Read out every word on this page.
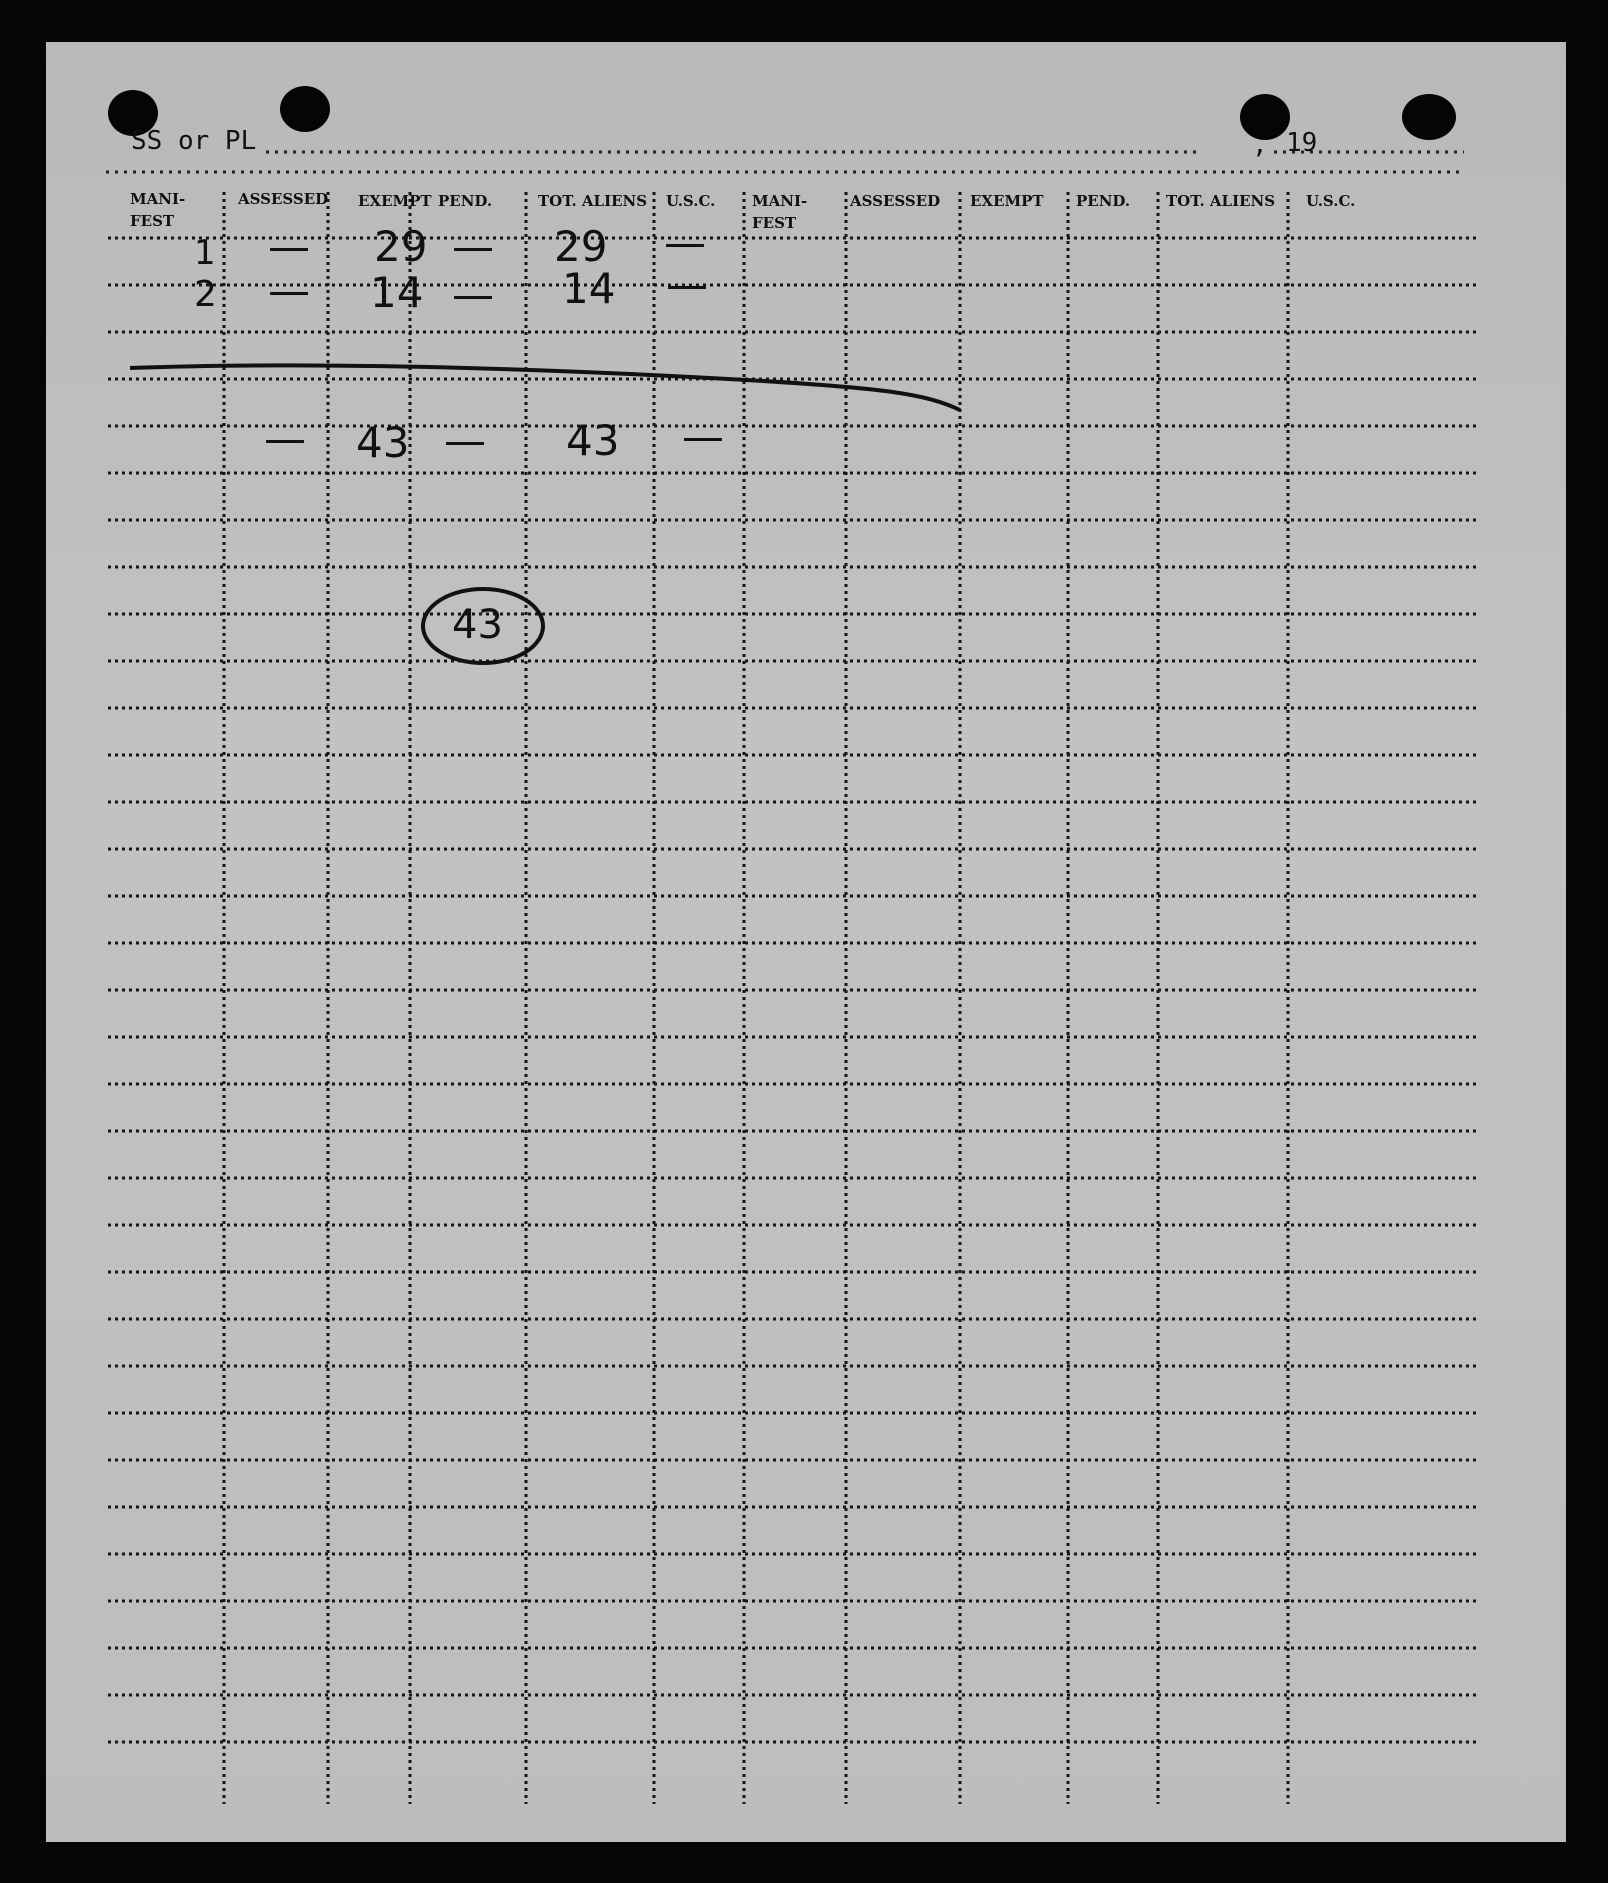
SS or PL	, 19
MANI-
FEST
ASSESSED EXEMPT PEND.	TOT. ALIENS U.S.C. MANI-
FEST
ASSESSED EXEMPT PEND. TOT. ALIENS U.S.C.
1 — 29 — 29 —
2 — 14 — 14 —
— 43 — 43 —
43
